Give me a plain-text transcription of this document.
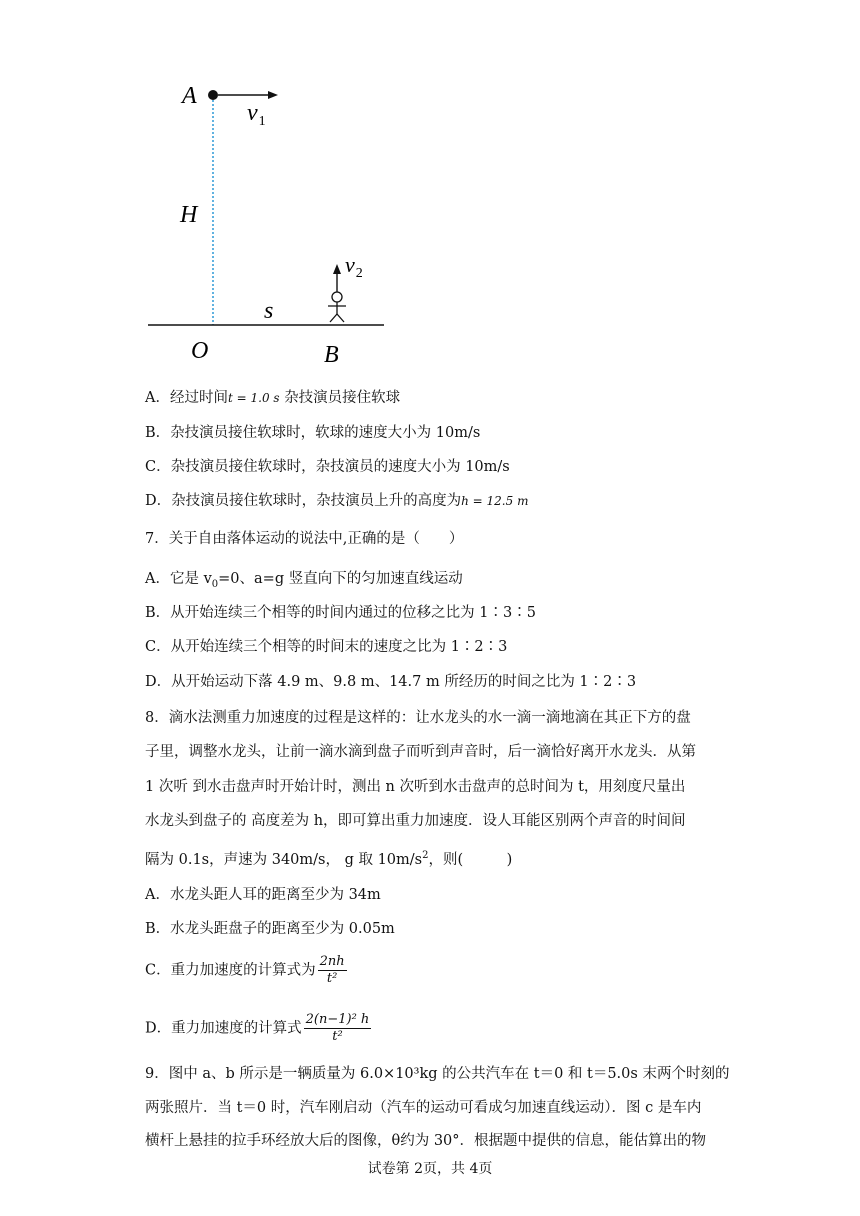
A
$v_1$
H
$v_2$
s
O	B
A．经过时间t = 1.0 s 杂技演员接住软球
B．杂技演员接住软球时，软球的速度大小为 10m/s
C．杂技演员接住软球时，杂技演员的速度大小为 10m/s
D．杂技演员接住软球时，杂技演员上升的高度为h = 12.5 m
7．关于自由落体运动的说法中,正确的是（　　）
A．它是 $v_0=0$、a=g 竖直向下的匀加速直线运动
B．从开始连续三个相等的时间内通过的位移之比为 1∶3∶5
C．从开始连续三个相等的时间末的速度之比为 1∶2∶3
D．从开始运动下落 4.9 m、9.8 m、14.7 m 所经历的时间之比为 1∶2∶3
8．滴水法测重力加速度的过程是这样的：让水龙头的水一滴一滴地滴在其正下方的盘
子里，调整水龙头，让前一滴水滴到盘子而听到声音时，后一滴恰好离开水龙头．从第
1 次听 到水击盘声时开始计时，测出 n 次听到水击盘声的总时间为 t，用刻度尺量出
水龙头到盘子的 高度差为 h，即可算出重力加速度．设人耳能区别两个声音的时间间
隔为 0.1s，声速为 340m/s， g 取 $10m/s^2$，则(　　　)
A．水龙头距人耳的距离至少为 34m
B．水龙头距盘子的距离至少为 0.05m
C．重力加速度的计算式为 $\frac{2nh}{\text{t²}}$
D．重力加速度的计算式 $\frac{\text{2(n−1)² h}}{\text{t²}}$
9．图中 a、b 所示是一辆质量为 6.0×10³kg 的公共汽车在 t＝0 和 t＝5.0s 末两个时刻的
两张照片．当 t＝0 时，汽车刚启动（汽车的运动可看成匀加速直线运动）．图 c 是车内
横杆上悬挂的拉手环经放大后的图像，θ约为 30°．根据题中提供的信息，能估算出的物
试卷第 2页，共 4页
